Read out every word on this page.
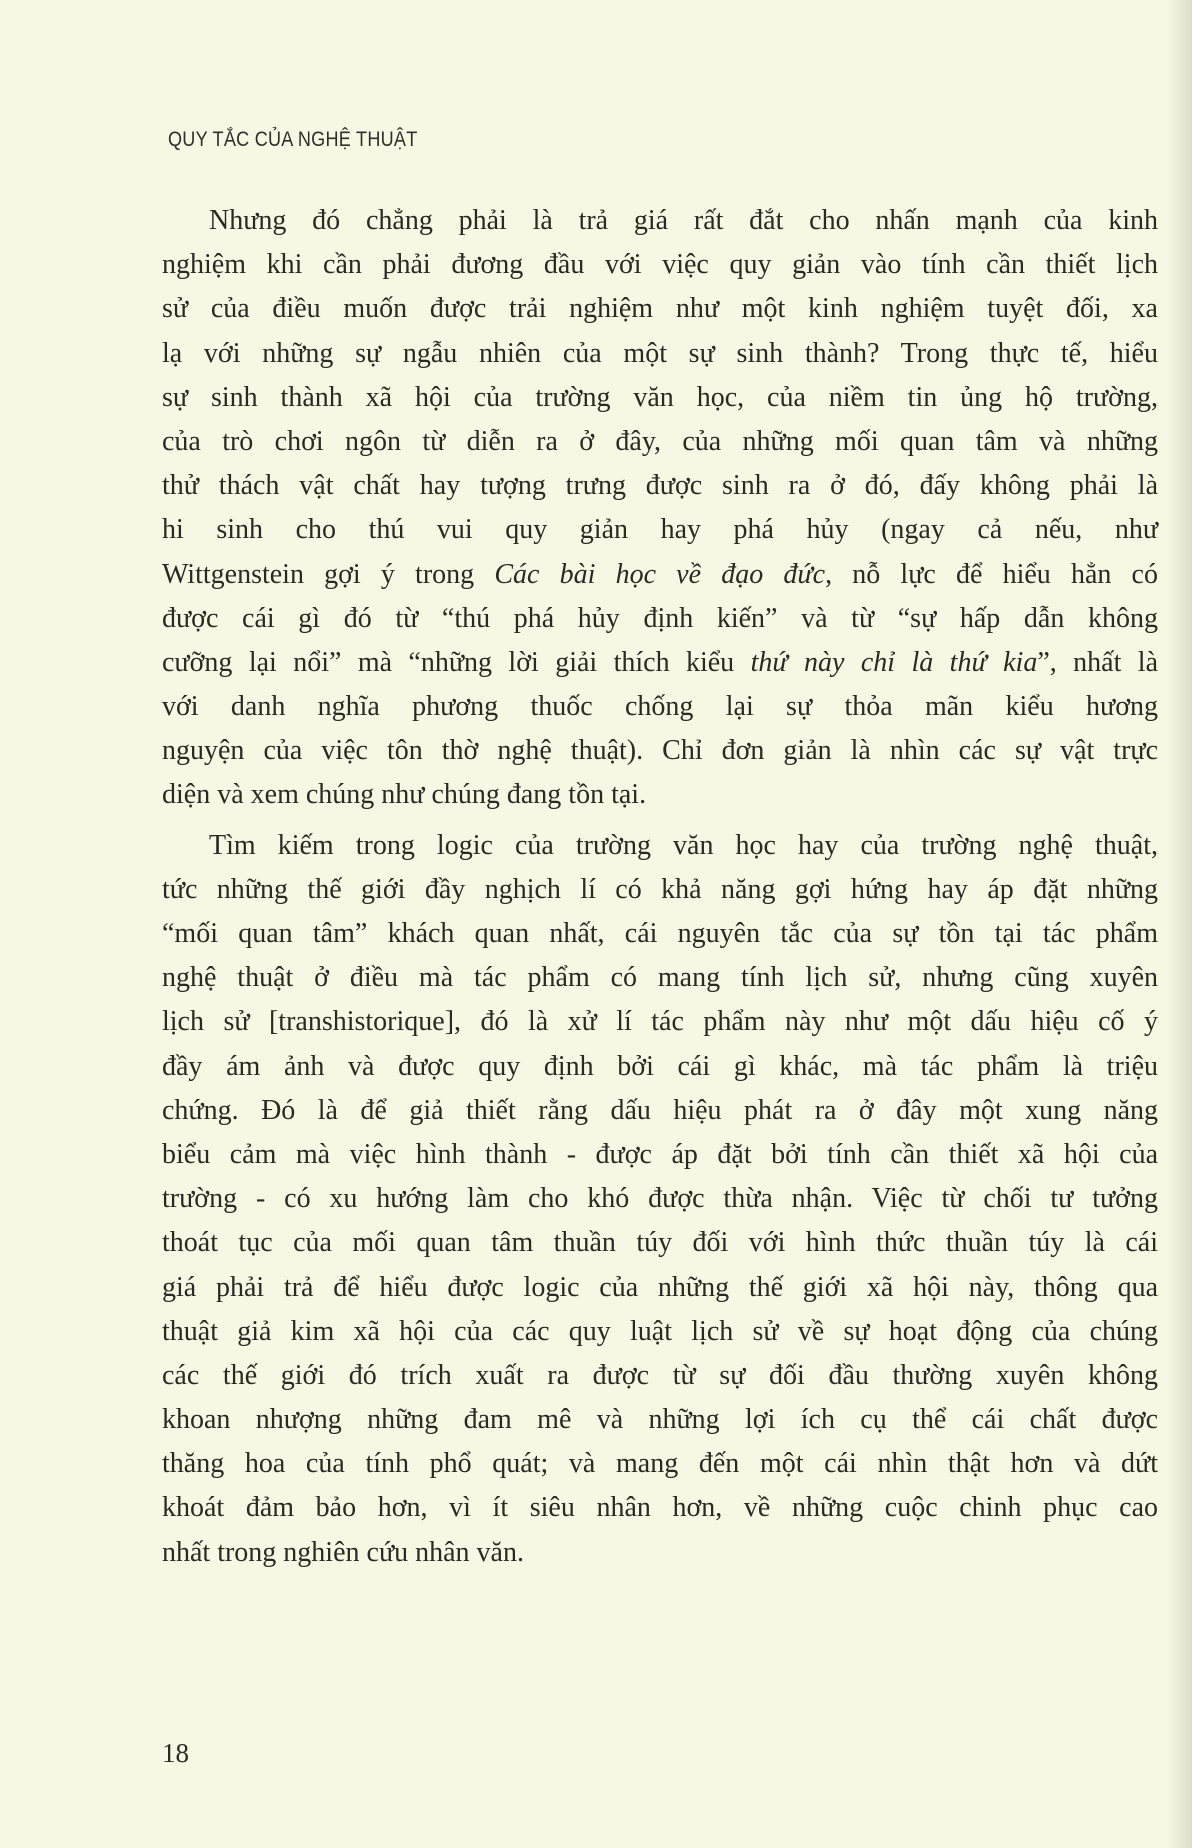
QUY TẮC CỦA NGHỆ THUẬT
Nhưng đó chẳng phải là trả giá rất đắt cho nhấn mạnh của kinh
nghiệm khi cần phải đương đầu với việc quy giản vào tính cần thiết lịch
sử của điều muốn được trải nghiệm như một kinh nghiệm tuyệt đối, xa
lạ với những sự ngẫu nhiên của một sự sinh thành? Trong thực tế, hiểu
sự sinh thành xã hội của trường văn học, của niềm tin ủng hộ trường,
của trò chơi ngôn từ diễn ra ở đây, của những mối quan tâm và những
thử thách vật chất hay tượng trưng được sinh ra ở đó, đấy không phải là
hi sinh cho thú vui quy giản hay phá hủy (ngay cả nếu, như
Wittgenstein gợi ý trong Các bài học về đạo đức, nỗ lực để hiểu hẳn có
được cái gì đó từ “thú phá hủy định kiến” và từ “sự hấp dẫn không
cưỡng lại nổi” mà “những lời giải thích kiểu thứ này chỉ là thứ kia”, nhất là
với danh nghĩa phương thuốc chống lại sự thỏa mãn kiểu hương
nguyện của việc tôn thờ nghệ thuật). Chỉ đơn giản là nhìn các sự vật trực
diện và xem chúng như chúng đang tồn tại.
Tìm kiếm trong logic của trường văn học hay của trường nghệ thuật,
tức những thế giới đầy nghịch lí có khả năng gợi hứng hay áp đặt những
“mối quan tâm” khách quan nhất, cái nguyên tắc của sự tồn tại tác phẩm
nghệ thuật ở điều mà tác phẩm có mang tính lịch sử, nhưng cũng xuyên
lịch sử [transhistorique], đó là xử lí tác phẩm này như một dấu hiệu cố ý
đầy ám ảnh và được quy định bởi cái gì khác, mà tác phẩm là triệu
chứng. Đó là để giả thiết rằng dấu hiệu phát ra ở đây một xung năng
biểu cảm mà việc hình thành - được áp đặt bởi tính cần thiết xã hội của
trường - có xu hướng làm cho khó được thừa nhận. Việc từ chối tư tưởng
thoát tục của mối quan tâm thuần túy đối với hình thức thuần túy là cái
giá phải trả để hiểu được logic của những thế giới xã hội này, thông qua
thuật giả kim xã hội của các quy luật lịch sử về sự hoạt động của chúng
các thế giới đó trích xuất ra được từ sự đối đầu thường xuyên không
khoan nhượng những đam mê và những lợi ích cụ thể cái chất được
thăng hoa của tính phổ quát; và mang đến một cái nhìn thật hơn và dứt
khoát đảm bảo hơn, vì ít siêu nhân hơn, về những cuộc chinh phục cao
nhất trong nghiên cứu nhân văn.
18
